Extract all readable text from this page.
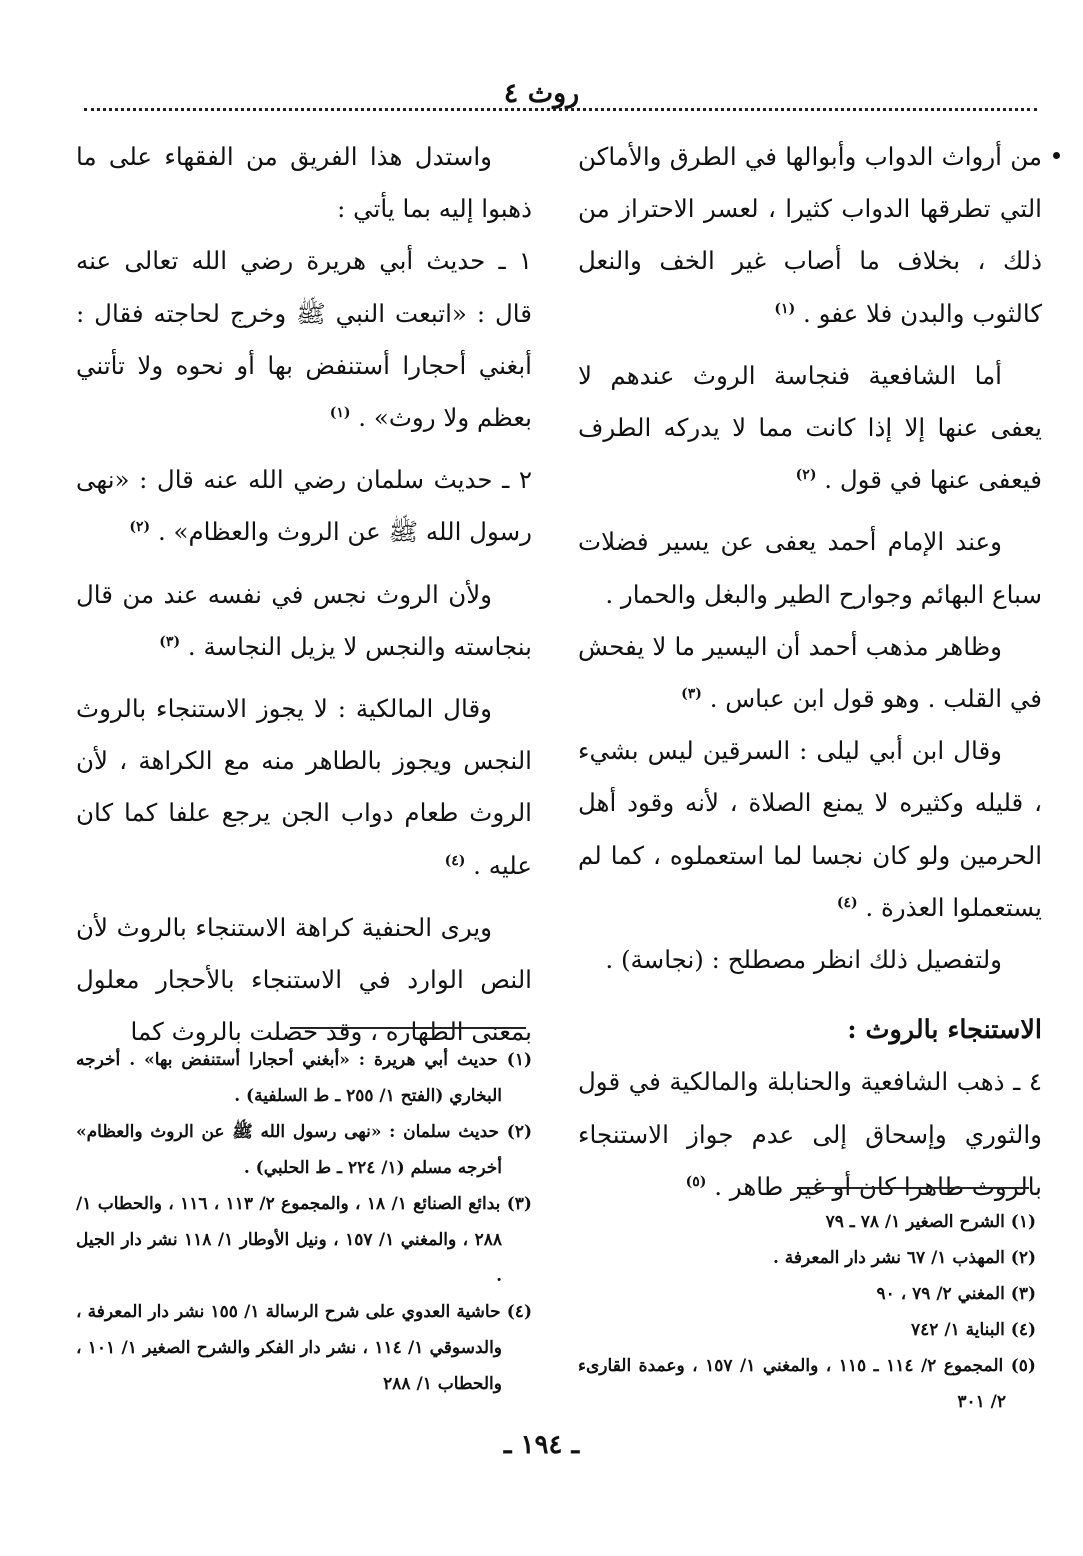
روث ٤

من أرواث الدواب وأبوالها في الطرق والأماكن التي تطرقها الدواب كثيرا ، لعسر الاحتراز من ذلك ، بخلاف ما أصاب غير الخف والنعل كالثوب والبدن فلا عفو . $^{(١)}$

أما الشافعية فنجاسة الروث عندهم لا يعفى عنها إلا إذا كانت مما لا يدركه الطرف فيعفى عنها في قول . $^{(٢)}$

وعند الإمام أحمد يعفى عن يسير فضلات سباع البهائم وجوارح الطير والبغل والحمار .

وظاهر مذهب أحمد أن اليسير ما لا يفحش في القلب . وهو قول ابن عباس . $^{(٣)}$

وقال ابن أبي ليلى : السرقين ليس بشيء ، قليله وكثيره لا يمنع الصلاة ، لأنه وقود أهل الحرمين ولو كان نجسا لما استعملوه ، كما لم يستعملوا العذرة . $^{(٤)}$

ولتفصيل ذلك انظر مصطلح : (نجاسة) .

الاستنجاء بالروث :

٤ ـ ذهب الشافعية والحنابلة والمالكية في قول والثوري وإسحاق إلى عدم جواز الاستنجاء بالروث طاهرا كان أو غير طاهر . $^{(٥)}$

واستدل هذا الفريق من الفقهاء على ما ذهبوا إليه بما يأتي :

١ ـ حديث أبي هريرة رضي الله تعالى عنه قال : «اتبعت النبي ﷺ وخرج لحاجته فقال : أبغني أحجارا أستنفض بها أو نحوه ولا تأتني بعظم ولا روث» . $^{(١)}$

٢ ـ حديث سلمان رضي الله عنه قال : «نهى رسول الله ﷺ عن الروث والعظام» . $^{(٢)}$

ولأن الروث نجس في نفسه عند من قال بنجاسته والنجس لا يزيل النجاسة . $^{(٣)}$

وقال المالكية : لا يجوز الاستنجاء بالروث النجس ويجوز بالطاهر منه مع الكراهة ، لأن الروث طعام دواب الجن يرجع علفا كما كان عليه . $^{(٤)}$

ويرى الحنفية كراهة الاستنجاء بالروث لأن النص الوارد في الاستنجاء بالأحجار معلول بمعنى الطهارة ، وقد حصلت بالروث كما

(١) حديث أبي هريرة : «أبغني أحجارا أستنفض بها» . أخرجه البخاري (الفتح ١/ ٢٥٥ ـ ط السلفية) .

(٢) حديث سلمان : «نهى رسول الله ﷺ عن الروث والعظام» أخرجه مسلم (١/ ٢٢٤ ـ ط الحلبي) .

(٣) بدائع الصنائع ١/ ١٨ ، والمجموع ٢/ ١١٣ ، ١١٦ ، والحطاب ١/ ٢٨٨ ، والمغني ١/ ١٥٧ ، ونيل الأوطار ١/ ١١٨ نشر دار الجيل .

(٤) حاشية العدوي على شرح الرسالة ١/ ١٥٥ نشر دار المعرفة ، والدسوقي ١/ ١١٤ ، نشر دار الفكر والشرح الصغير ١/ ١٠١ ، والحطاب ١/ ٢٨٨

(١) الشرح الصغير ١/ ٧٨ ـ ٧٩

(٢) المهذب ١/ ٦٧ نشر دار المعرفة .

(٣) المغني ٢/ ٧٩ ، ٩٠

(٤) البناية ١/ ٧٤٢

(٥) المجموع ٢/ ١١٤ ـ ١١٥ ، والمغني ١/ ١٥٧ ، وعمدة القارىء ٢/ ٣٠١

ـ ١٩٤ ـ
